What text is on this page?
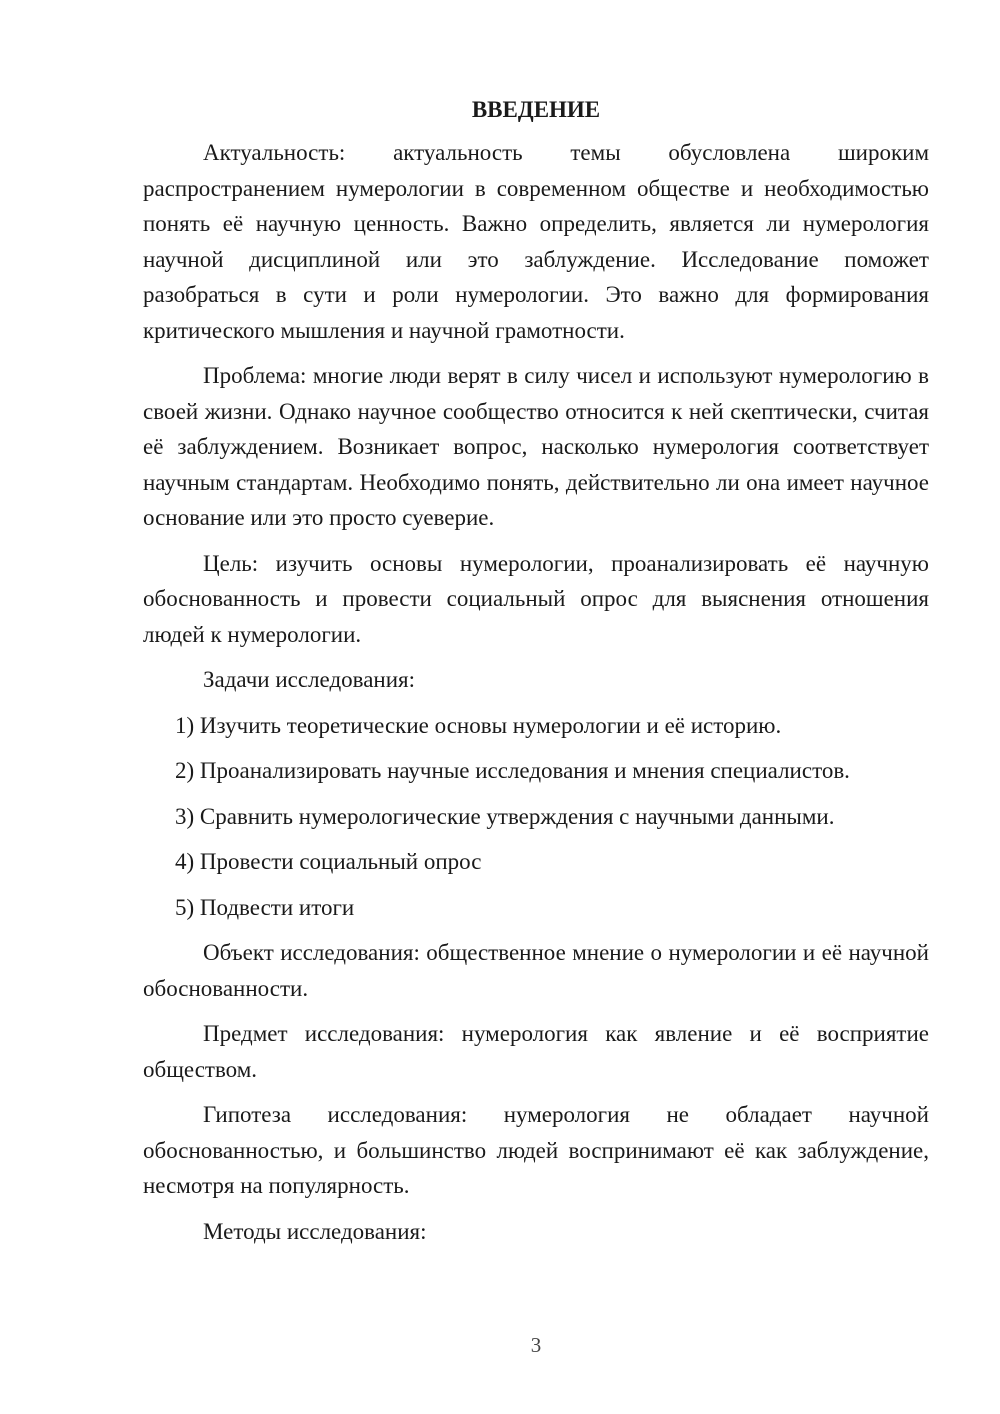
ВВЕДЕНИЕ

Актуальность: актуальность темы обусловлена широким распространением нумерологии в современном обществе и необходимостью понять её научную ценность. Важно определить, является ли нумерология научной дисциплиной или это заблуждение. Исследование поможет разобраться в сути и роли нумерологии. Это важно для формирования критического мышления и научной грамотности.

Проблема: многие люди верят в силу чисел и используют нумерологию в своей жизни. Однако научное сообщество относится к ней скептически, считая её заблуждением. Возникает вопрос, насколько нумерология соответствует научным стандартам. Необходимо понять, действительно ли она имеет научное основание или это просто суеверие.

Цель: изучить основы нумерологии, проанализировать её научную обоснованность и провести социальный опрос для выяснения отношения людей к нумерологии.

Задачи исследования:

1) Изучить теоретические основы нумерологии и её историю.
2) Проанализировать научные исследования и мнения специалистов.
3) Сравнить нумерологические утверждения с научными данными.
4) Провести социальный опрос
5) Подвести итоги

Объект исследования: общественное мнение о нумерологии и её научной обоснованности.

Предмет исследования: нумерология как явление и её восприятие обществом.

Гипотеза исследования: нумерология не обладает научной обоснованностью, и большинство людей воспринимают её как заблуждение, несмотря на популярность.

Методы исследования:

3
